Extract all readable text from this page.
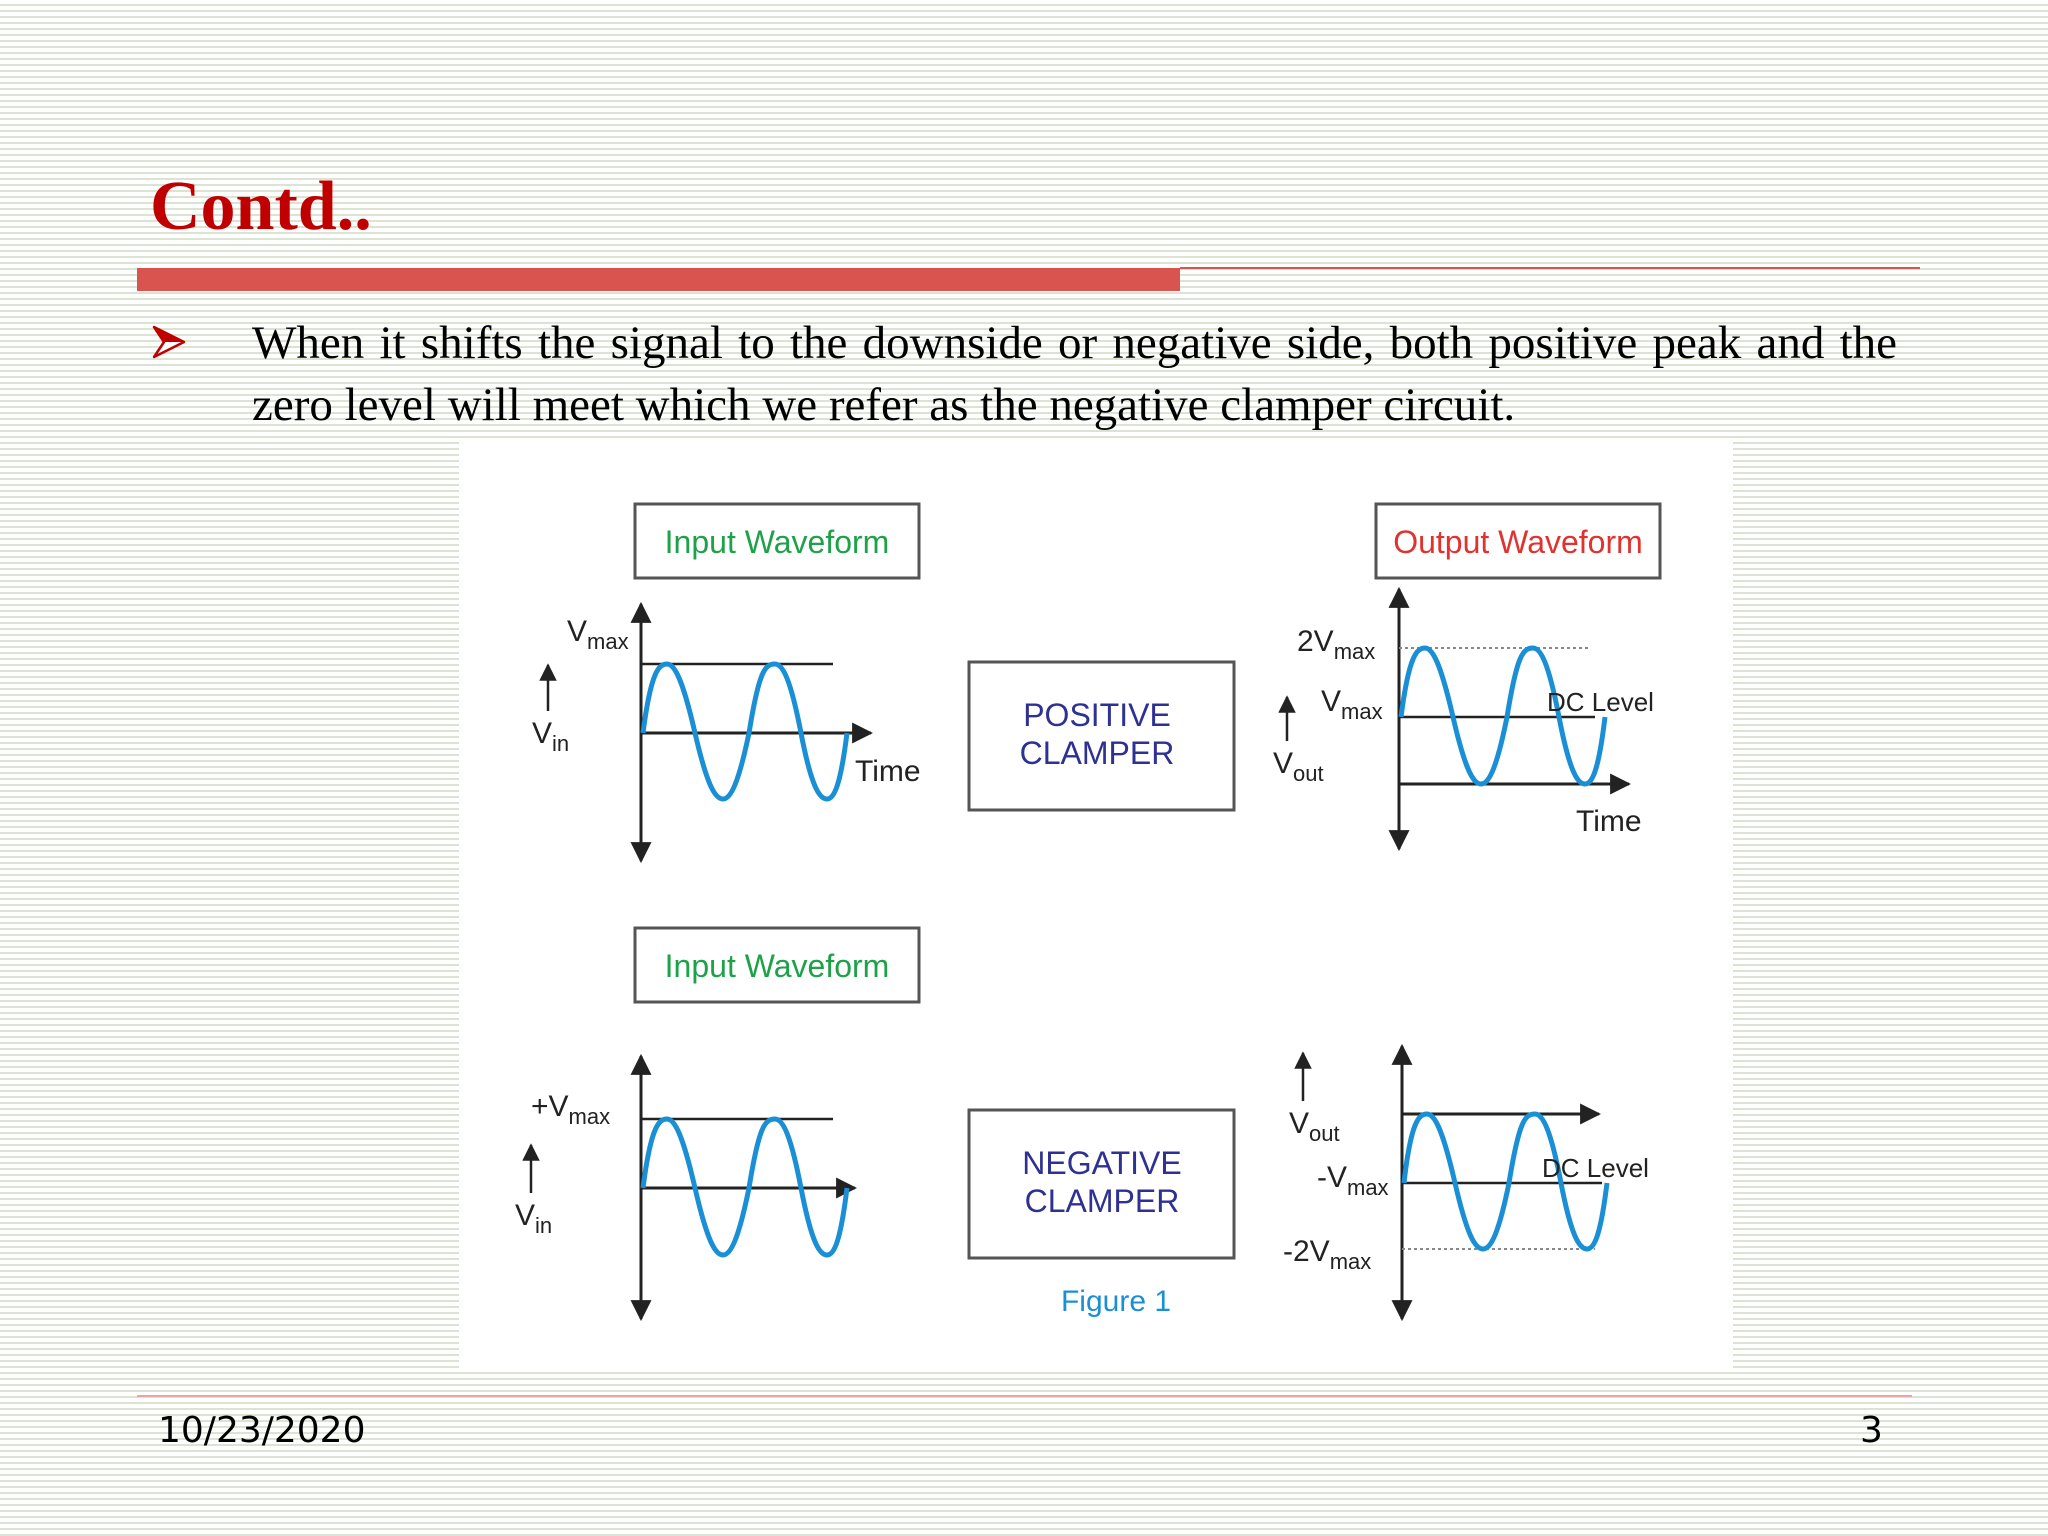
Contd..
When it shifts the signal to the downside or negative side, both positive peak and the zero level will meet which we refer as the negative clamper circuit.
Input Waveform
$V_{max}$
$V_{in}$
Time
POSITIVE
CLAMPER
Output Waveform
$2V_{max}$
$V_{max}$
$V_{out}$
DC Level
Time
Input Waveform
$+V_{max}$
$V_{in}$
NEGATIVE
CLAMPER
Figure 1
$V_{out}$
$-V_{max}$
$-2V_{max}$
DC Level
10/23/2020	3
